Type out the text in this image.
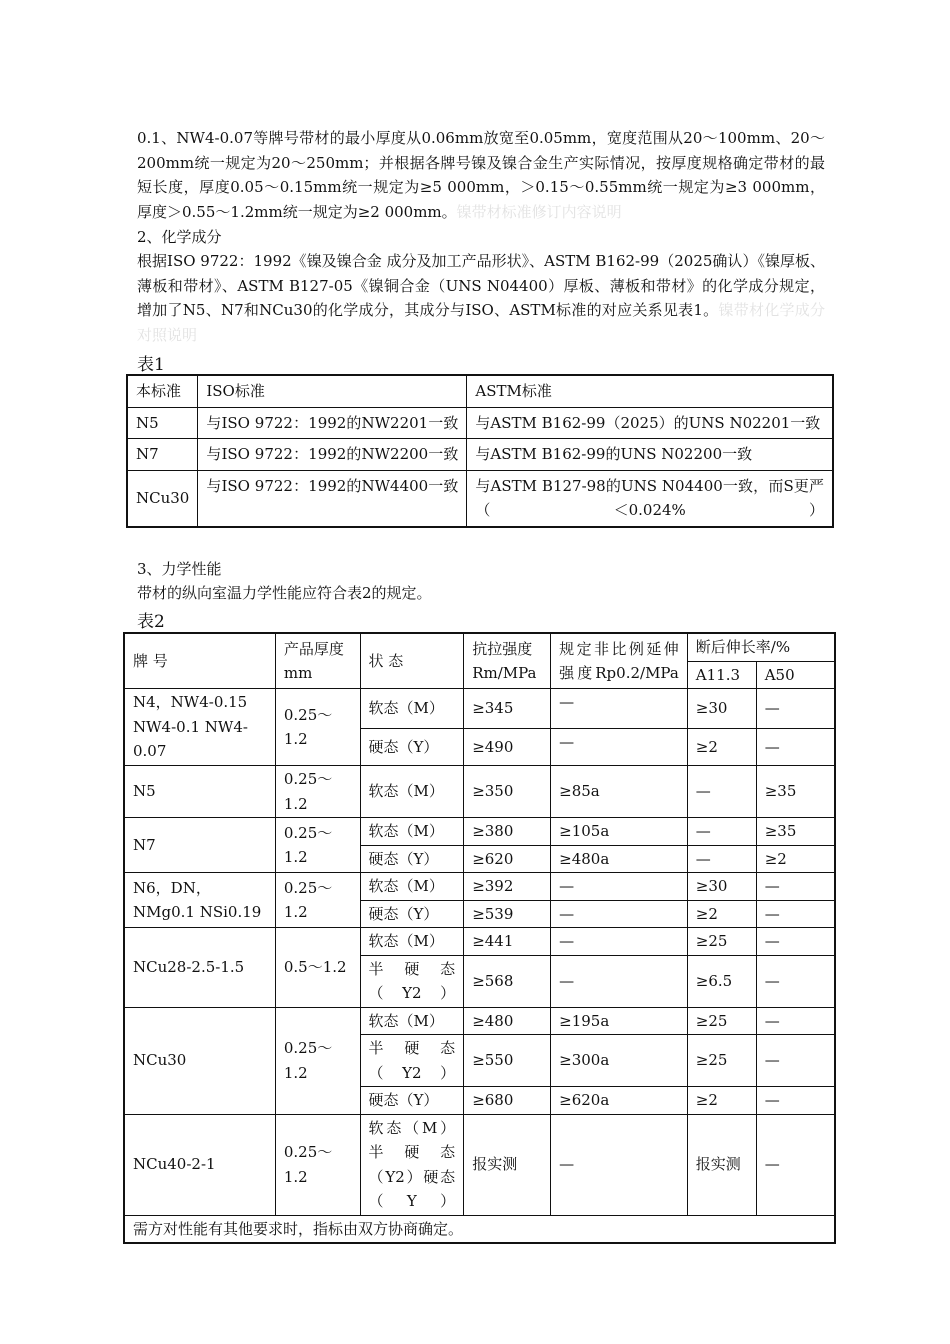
0.1、NW4-0.07等牌号带材的最小厚度从0.06mm放宽至0.05mm，宽度范围从20～100mm、20～200mm统一规定为20～250mm；并根据各牌号镍及镍合金生产实际情况，按厚度规格确定带材的最短长度，厚度0.05～0.15mm统一规定为≥5 000mm，＞0.15～0.55mm统一规定为≥3 000mm，厚度＞0.55～1.2mm统一规定为≥2 000mm。镍带材标准修订内容说明
2、化学成分
根据ISO 9722：1992《镍及镍合金 成分及加工产品形状》、ASTM B162-99（2025确认）《镍厚板、薄板和带材》、ASTM B127-05《镍铜合金（UNS N04400）厚板、薄板和带材》的化学成分规定，增加了N5、N7和NCu30的化学成分，其成分与ISO、ASTM标准的对应关系见表1。镍带材化学成分对照说明
表1
本标准	ISO标准	ASTM标准
N5	与ISO 9722：1992的NW2201一致	与ASTM B162-99（2025）的UNS N02201一致
N7	与ISO 9722：1992的NW2200一致	与ASTM B162-99的UNS N02200一致
NCu30	与ISO 9722：1992的NW4400一致	与ASTM B127-98的UNS N04400一致，而S更严（＜0.024%）
3、力学性能
带材的纵向室温力学性能应符合表2的规定。
表2
牌 号	产品厚度mm	状 态	抗拉强度Rm/MPa	规定非比例延伸强度Rp0.2/MPa	断后伸长率/%	
					A11.3	A50
N4，NW4-0.15 NW4-0.1 NW4-0.07	0.25～1.2	软态（M）	≥345	—	≥30	—
		硬态（Y）	≥490	—	≥2	—
N5	0.25～1.2	软态（M）	≥350	≥85a	—	≥35
N7	0.25～1.2	软态（M）	≥380	≥105a	—	≥35
		硬态（Y）	≥620	≥480a	—	≥2
N6，DN，NMg0.1 NSi0.19	0.25～1.2	软态（M）	≥392	—	≥30	—
		硬态（Y）	≥539	—	≥2	—
NCu28-2.5-1.5	0.5～1.2	软态（M）	≥441	—	≥25	—
		半硬态（Y2）	≥568	—	≥6.5	—
NCu30	0.25～1.2	软态（M）	≥480	≥195a	≥25	—
		半硬态（Y2）	≥550	≥300a	≥25	—
		硬态（Y）	≥680	≥620a	≥2	—
NCu40-2-1	0.25～1.2	软态（M）半硬态（Y2）硬态（Y）	报实测	—	报实测	—
需方对性能有其他要求时，指标由双方协商确定。						
